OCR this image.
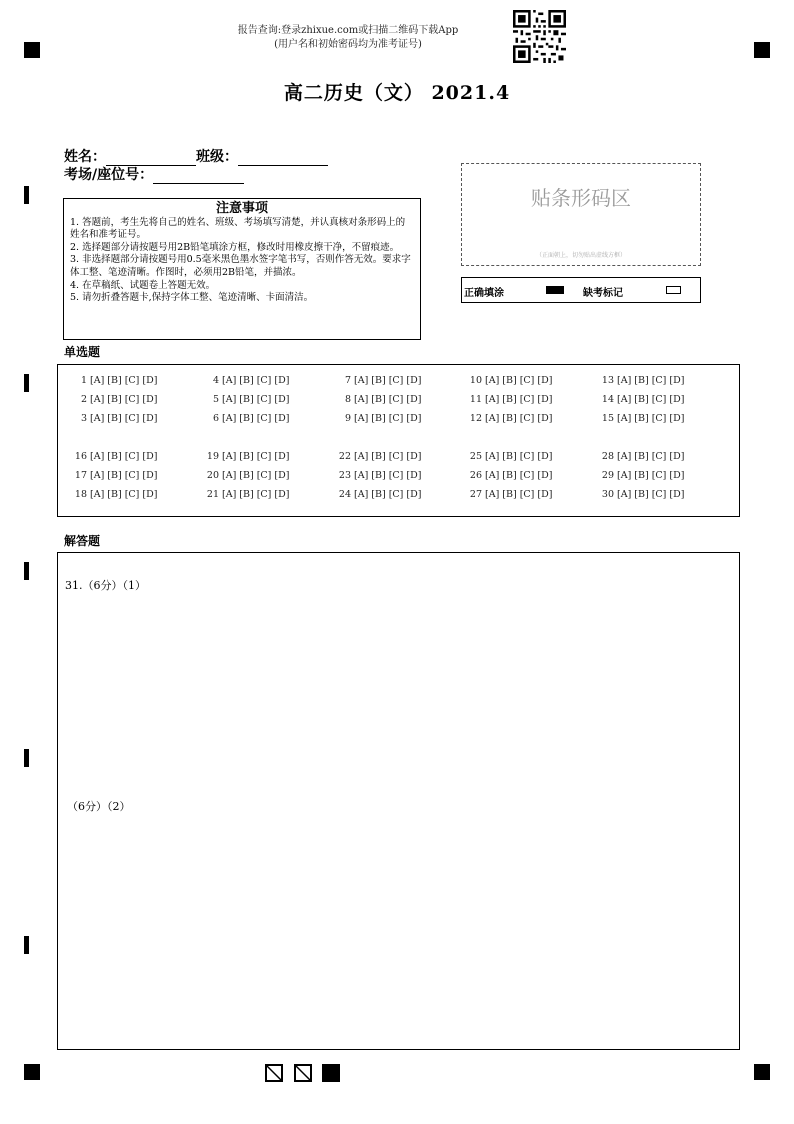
报告查询:登录zhixue.com或扫描二维码下载App
(用户名和初始密码均为准考证号)
高二历史（文） 2021.4
姓名：	班级：
考场/座位号：
注意事项

1. 答题前，考生先将自己的姓名、班级、考场填写清楚，并认真核对条形码上的姓名和准考证号。

2. 选择题部分请按题号用2B铅笔填涂方框，修改时用橡皮擦干净，不留痕迹。

3. 非选择题部分请按题号用0.5毫米黑色墨水签字笔书写，否则作答无效。要求字体工整、笔迹清晰。作图时，必须用2B铅笔，并描浓。

4. 在草稿纸、试题卷上答题无效。

5. 请勿折叠答题卡,保持字体工整、笔迹清晰、卡面清洁。

贴条形码区
（正面朝上，切勿贴出虚线方框）
正确填涂	缺考标记
单选题
1 [A] [B] [C] [D]
2 [A] [B] [C] [D]
3 [A] [B] [C] [D]
4 [A] [B] [C] [D]
5 [A] [B] [C] [D]
6 [A] [B] [C] [D]
7 [A] [B] [C] [D]
8 [A] [B] [C] [D]
9 [A] [B] [C] [D]
10 [A] [B] [C] [D]
11 [A] [B] [C] [D]
12 [A] [B] [C] [D]
13 [A] [B] [C] [D]
14 [A] [B] [C] [D]
15 [A] [B] [C] [D]
16 [A] [B] [C] [D]
17 [A] [B] [C] [D]
18 [A] [B] [C] [D]
19 [A] [B] [C] [D]
20 [A] [B] [C] [D]
21 [A] [B] [C] [D]
22 [A] [B] [C] [D]
23 [A] [B] [C] [D]
24 [A] [B] [C] [D]
25 [A] [B] [C] [D]
26 [A] [B] [C] [D]
27 [A] [B] [C] [D]
28 [A] [B] [C] [D]
29 [A] [B] [C] [D]
30 [A] [B] [C] [D]
解答题
31.（6分）（1）
（6分）（2）
